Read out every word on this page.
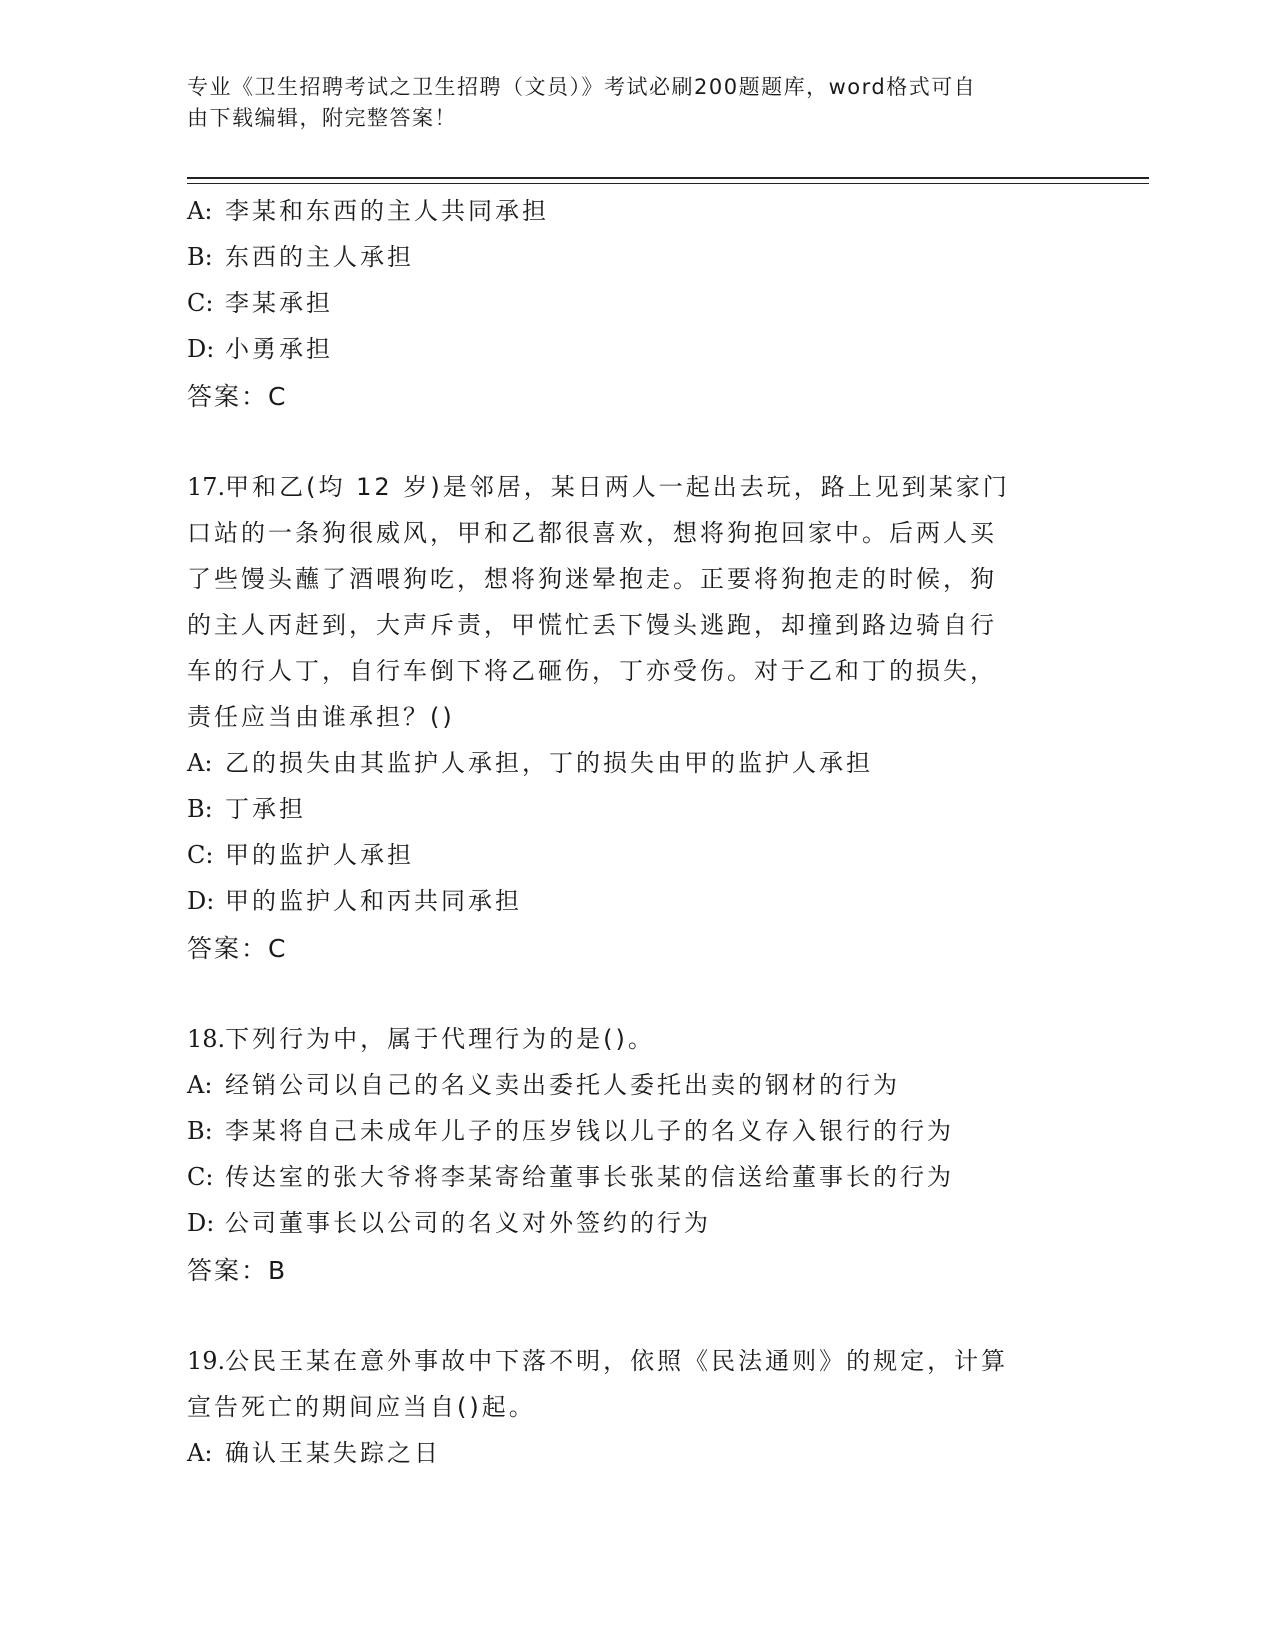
专业《卫生招聘考试之卫生招聘（文员）》考试必刷200题题库，word格式可自
由下载编辑，附完整答案！
A: 李某和东西的主人共同承担
B: 东西的主人承担
C: 李某承担
D: 小勇承担
答案：C
17.甲和乙(均 12 岁)是邻居，某日两人一起出去玩，路上见到某家门
口站的一条狗很威风，甲和乙都很喜欢，想将狗抱回家中。后两人买
了些馒头蘸了酒喂狗吃，想将狗迷晕抱走。正要将狗抱走的时候，狗
的主人丙赶到，大声斥责，甲慌忙丢下馒头逃跑，却撞到路边骑自行
车的行人丁，自行车倒下将乙砸伤，丁亦受伤。对于乙和丁的损失，
责任应当由谁承担？()
A: 乙的损失由其监护人承担，丁的损失由甲的监护人承担
B: 丁承担
C: 甲的监护人承担
D: 甲的监护人和丙共同承担
答案：C
18.下列行为中，属于代理行为的是()。
A: 经销公司以自己的名义卖出委托人委托出卖的钢材的行为
B: 李某将自己未成年儿子的压岁钱以儿子的名义存入银行的行为
C: 传达室的张大爷将李某寄给董事长张某的信送给董事长的行为
D: 公司董事长以公司的名义对外签约的行为
答案：B
19.公民王某在意外事故中下落不明，依照《民法通则》的规定，计算
宣告死亡的期间应当自()起。
A: 确认王某失踪之日
